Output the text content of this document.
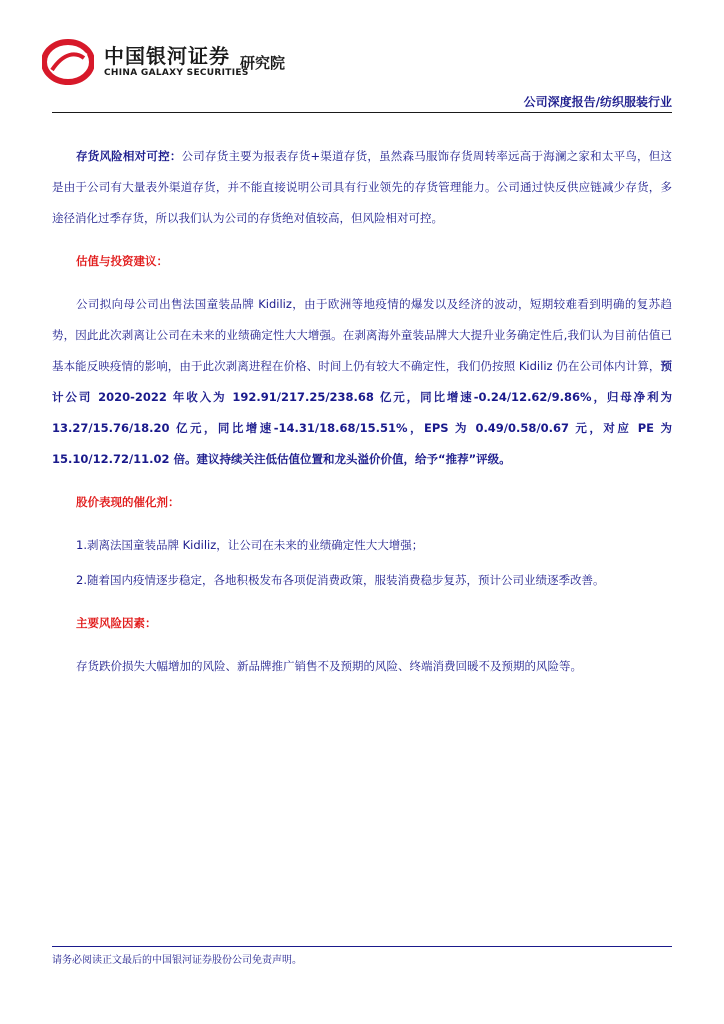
中国银河证券
CHINA GALAXY SECURITIES
研究院
公司深度报告/纺织服装行业

存货风险相对可控：公司存货主要为报表存货+渠道存货，虽然森马服饰存货周转率远高于海澜之家和太平鸟，但这是由于公司有大量表外渠道存货，并不能直接说明公司具有行业领先的存货管理能力。公司通过快反供应链减少存货，多途径消化过季存货，所以我们认为公司的存货绝对值较高，但风险相对可控。

估值与投资建议：

公司拟向母公司出售法国童装品牌 Kidiliz，由于欧洲等地疫情的爆发以及经济的波动，短期较难看到明确的复苏趋势，因此此次剥离让公司在未来的业绩确定性大大增强。在剥离海外童装品牌大大提升业务确定性后,我们认为目前估值已基本能反映疫情的影响，由于此次剥离进程在价格、时间上仍有较大不确定性，我们仍按照 Kidiliz 仍在公司体内计算，预计公司 2020-2022 年收入为 192.91/217.25/238.68 亿元，同比增速-0.24/12.62/9.86%，归母净利为 13.27/15.76/18.20 亿元，同比增速-14.31/18.68/15.51%，EPS 为 0.49/0.58/0.67 元，对应 PE 为 15.10/12.72/11.02 倍。建议持续关注低估值位置和龙头溢价价值，给予“推荐”评级。

股价表现的催化剂：

1.剥离法国童装品牌 Kidiliz，让公司在未来的业绩确定性大大增强；

2.随着国内疫情逐步稳定，各地积极发布各项促消费政策，服装消费稳步复苏，预计公司业绩逐季改善。

主要风险因素：

存货跌价损失大幅增加的风险、新品牌推广销售不及预期的风险、终端消费回暖不及预期的风险等。

请务必阅读正文最后的中国银河证券股份公司免责声明。
